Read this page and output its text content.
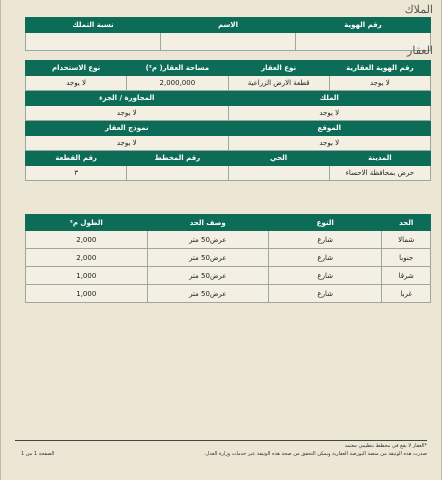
الملاك
رقم الهوية	الاسم	نسبة التملك

العقار
رقم الهوية العقارية	نوع العقار	مساحة العقار( م²)	نوع الاستخدام
لا يوجد	قطعة الارض الزراعية	2,000,000	لا يوجد
الملك		المجاورة / الجزء	
لا يوجد		لا يوجد	
الموقع		نموذج العقار	
لا يوجد		لا يوجد	
المدينة	الحي	رقم المخطط	رقم القطعة
حرض بمحافظة الاحساء			٣
الحد	النوع	وصف الحد	الطول م²
شمالا	شارع	عرض50 متر	2,000
جنوبا	شارع	عرض50 متر	2,000
شرقا	شارع	عرض50 متر	1,000
غربا	شارع	عرض50 متر	1,000
*العقار لا يقع في مخطط تنظيمي معتمد
صدرت هذه الوثيقة من منصة البورصة العقارية ويمكن التحقق من صحة هذه الوثيقة عبر خدمات وزارة العدل.
الصفحة 1 من 1
